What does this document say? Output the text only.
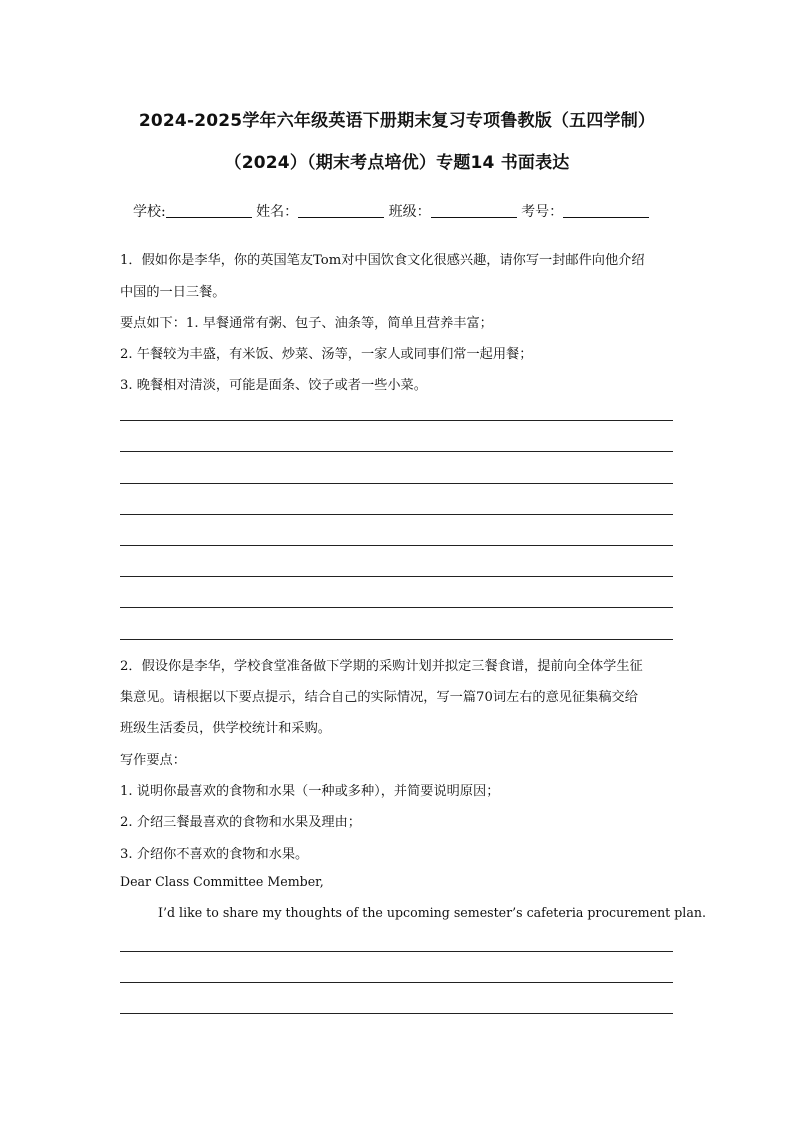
2024-2025学年六年级英语下册期末复习专项鲁教版（五四学制）
（2024）（期末考点培优）专题14 书面表达
学校:	姓名：	班级：	考号：
1．假如你是李华，你的英国笔友Tom对中国饮食文化很感兴趣，请你写一封邮件向他介绍
中国的一日三餐。
要点如下：1. 早餐通常有粥、包子、油条等，简单且营养丰富；
2. 午餐较为丰盛，有米饭、炒菜、汤等，一家人或同事们常一起用餐；
3. 晚餐相对清淡，可能是面条、饺子或者一些小菜。
2．假设你是李华，学校食堂准备做下学期的采购计划并拟定三餐食谱，提前向全体学生征
集意见。请根据以下要点提示，结合自己的实际情况，写一篇70词左右的意见征集稿交给
班级生活委员，供学校统计和采购。
写作要点：
1. 说明你最喜欢的食物和水果（一种或多种），并简要说明原因；
2. 介绍三餐最喜欢的食物和水果及理由；
3. 介绍你不喜欢的食物和水果。
Dear Class Committee Member,
I’d like to share my thoughts of the upcoming semester’s cafeteria procurement plan.
